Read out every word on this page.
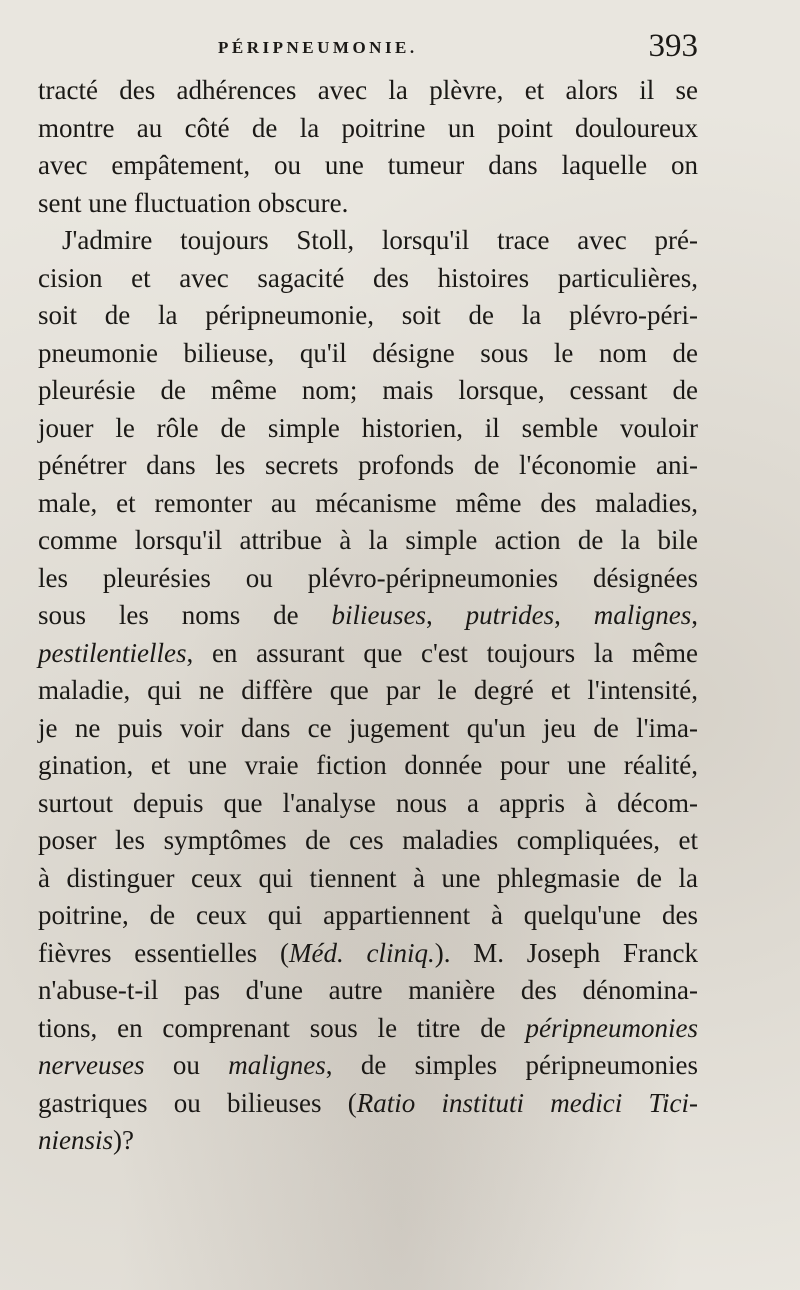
PÉRIPNEUMONIE.	393
tracté des adhérences avec la plèvre, et alors il se
montre au côté de la poitrine un point douloureux
avec empâtement, ou une tumeur dans laquelle on
sent une fluctuation obscure.
J'admire toujours Stoll, lorsqu'il trace avec pré-
cision et avec sagacité des histoires particulières,
soit de la péripneumonie, soit de la plévro-péri-
pneumonie bilieuse, qu'il désigne sous le nom de
pleurésie de même nom; mais lorsque, cessant de
jouer le rôle de simple historien, il semble vouloir
pénétrer dans les secrets profonds de l'économie ani-
male, et remonter au mécanisme même des maladies,
comme lorsqu'il attribue à la simple action de la bile
les pleurésies ou plévro-péripneumonies désignées
sous les noms de bilieuses, putrides, malignes,
pestilentielles, en assurant que c'est toujours la même
maladie, qui ne diffère que par le degré et l'intensité,
je ne puis voir dans ce jugement qu'un jeu de l'ima-
gination, et une vraie fiction donnée pour une réalité,
surtout depuis que l'analyse nous a appris à décom-
poser les symptômes de ces maladies compliquées, et
à distinguer ceux qui tiennent à une phlegmasie de la
poitrine, de ceux qui appartiennent à quelqu'une des
fièvres essentielles (Méd. cliniq.). M. Joseph Franck
n'abuse-t-il pas d'une autre manière des dénomina-
tions, en comprenant sous le titre de péripneumonies
nerveuses ou malignes, de simples péripneumonies
gastriques ou bilieuses (Ratio instituti medici Tici-
niensis)?
